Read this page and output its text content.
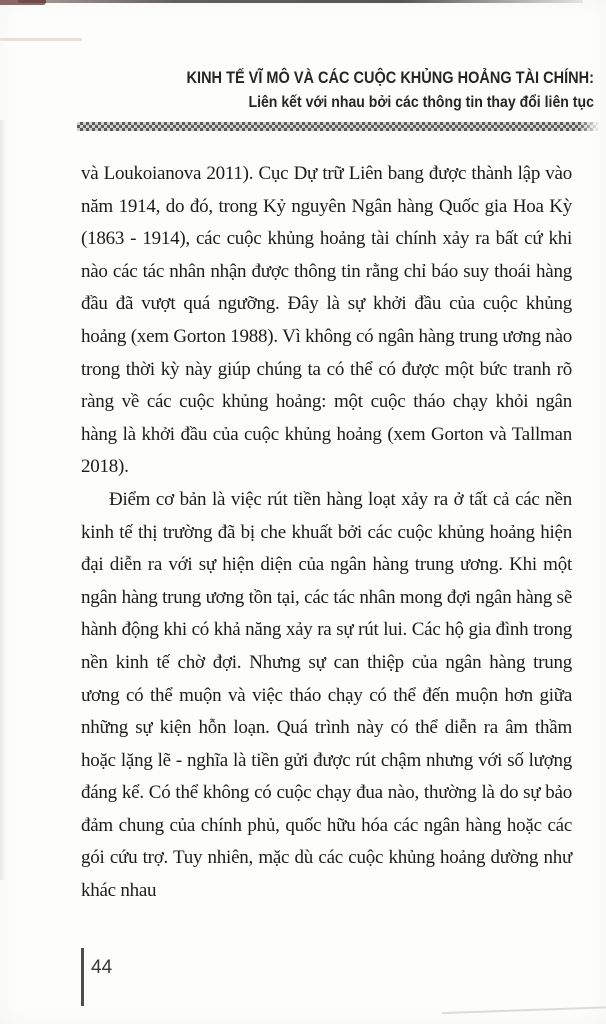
KINH TẾ VĨ MÔ VÀ CÁC CUỘC KHỦNG HOẢNG TÀI CHÍNH:
Liên kết với nhau bởi các thông tin thay đổi liên tục

và Loukoianova 2011). Cục Dự trữ Liên bang được thành lập vào năm 1914, do đó, trong Kỷ nguyên Ngân hàng Quốc gia Hoa Kỳ (1863 - 1914), các cuộc khủng hoảng tài chính xảy ra bất cứ khi nào các tác nhân nhận được thông tin rằng chỉ báo suy thoái hàng đầu đã vượt quá ngưỡng. Đây là sự khởi đầu của cuộc khủng hoảng (xem Gorton 1988). Vì không có ngân hàng trung ương nào trong thời kỳ này giúp chúng ta có thể có được một bức tranh rõ ràng về các cuộc khủng hoảng: một cuộc tháo chạy khỏi ngân hàng là khởi đầu của cuộc khủng hoảng (xem Gorton và Tallman 2018).

Điểm cơ bản là việc rút tiền hàng loạt xảy ra ở tất cả các nền kinh tế thị trường đã bị che khuất bởi các cuộc khủng hoảng hiện đại diễn ra với sự hiện diện của ngân hàng trung ương. Khi một ngân hàng trung ương tồn tại, các tác nhân mong đợi ngân hàng sẽ hành động khi có khả năng xảy ra sự rút lui. Các hộ gia đình trong nền kinh tế chờ đợi. Nhưng sự can thiệp của ngân hàng trung ương có thể muộn và việc tháo chạy có thể đến muộn hơn giữa những sự kiện hỗn loạn. Quá trình này có thể diễn ra âm thầm hoặc lặng lẽ - nghĩa là tiền gửi được rút chậm nhưng với số lượng đáng kể. Có thể không có cuộc chạy đua nào, thường là do sự bảo đảm chung của chính phủ, quốc hữu hóa các ngân hàng hoặc các gói cứu trợ. Tuy nhiên, mặc dù các cuộc khủng hoảng dường như khác nhau

44
